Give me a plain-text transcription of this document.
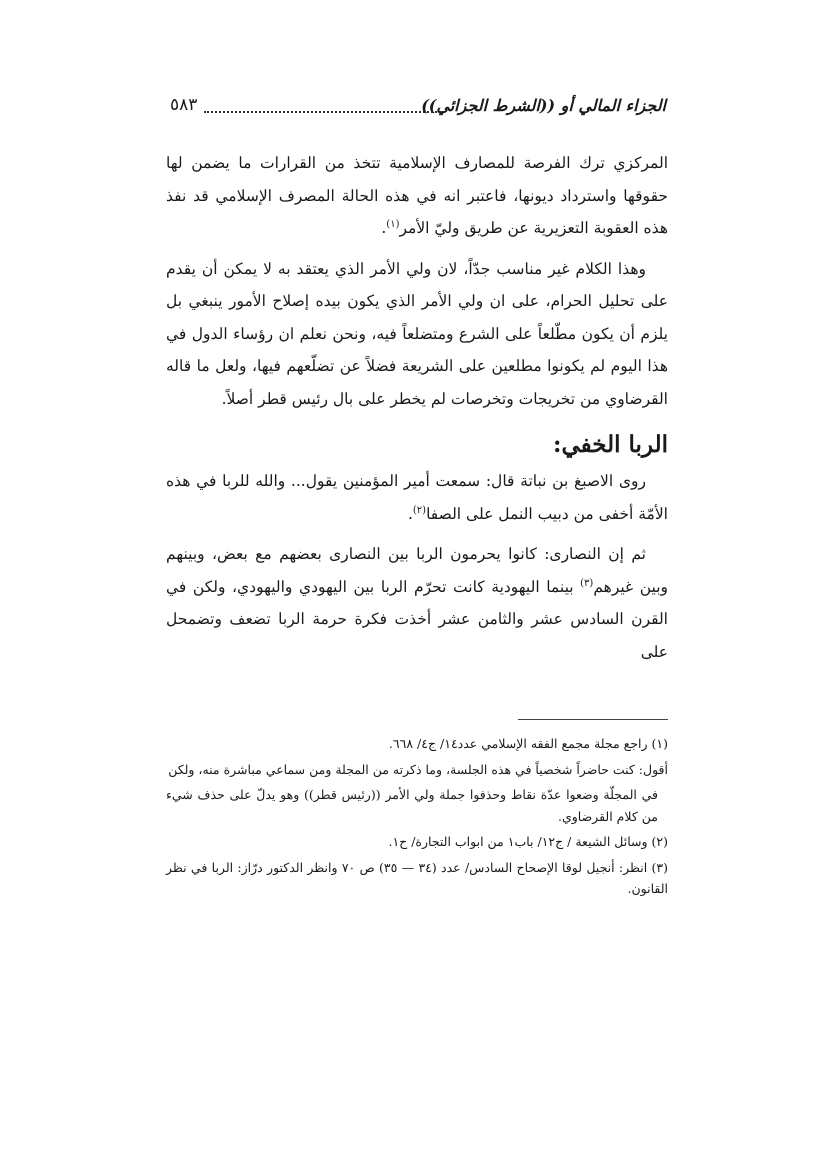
٥٨٣	الجزاء المالي أو ((الشرط الجزائي))

المركزي ترك الفرصة للمصارف الإسلامية تتخذ من القرارات ما يضمن لها حقوقها واسترداد ديونها، فاعتبر انه في هذه الحالة المصرف الإسلامي قد نفذ هذه العقوبة التعزيرية عن طريق وليّ الأمر$^{(١)}$.

وهذا الكلام غير مناسب جدّاً، لان ولي الأمر الذي يعتقد به لا يمكن أن يقدم على تحليل الحرام، على ان ولي الأمر الذي يكون بيده إصلاح الأمور ينبغي بل يلزم أن يكون مطّلعاً على الشرع ومتضلعاً فيه، ونحن نعلم ان رؤساء الدول في هذا اليوم لم يكونوا مطلعين على الشريعة فضلاً عن تضلّعهم فيها، ولعل ما قاله القرضاوي من تخريجات وتخرصات لم يخطر على بال رئيس قطر أصلاً.

الربا الخفي:

روى الاصبغ بن نباتة قال: سمعت أمير المؤمنين يقول... والله للربا في هذه الأمّة أخفى من دبيب النمل على الصفا$^{(٢)}$.

ثم إن النصارى: كانوا يحرمون الربا بين النصارى بعضهم مع بعض، وبينهم وبين غيرهم$^{(٣)}$ بينما اليهودية كانت تحرّم الربا بين اليهودي واليهودي، ولكن في القرن السادس عشر والثامن عشر أخذت فكرة حرمة الربا تضعف وتضمحل على

(١) راجع مجلة مجمع الفقه الإسلامي عدد١٤/ ج٤/ ٦٦٨.
أقول: كنت حاضراً شخصياً في هذه الجلسة، وما ذكرته من المجلة ومن سماعي مباشرة منه، ولكن
في المجلّة وضعوا عدّة نقاط وحذفوا جملة ولي الأمر ((رئيس قطر)) وهو يدلّ على حذف شيء من كلام القرضاوي.
(٢) وسائل الشيعة / ج١٢/ باب١ من ابواب التجارة/ ح١.
(٣) انظر: أنجيل لوقا الإصحاح السادس/ عدد (٣٤ — ٣٥) ص ٧٠ وانظر الدكتور درّاز: الربا في نظر القانون.
